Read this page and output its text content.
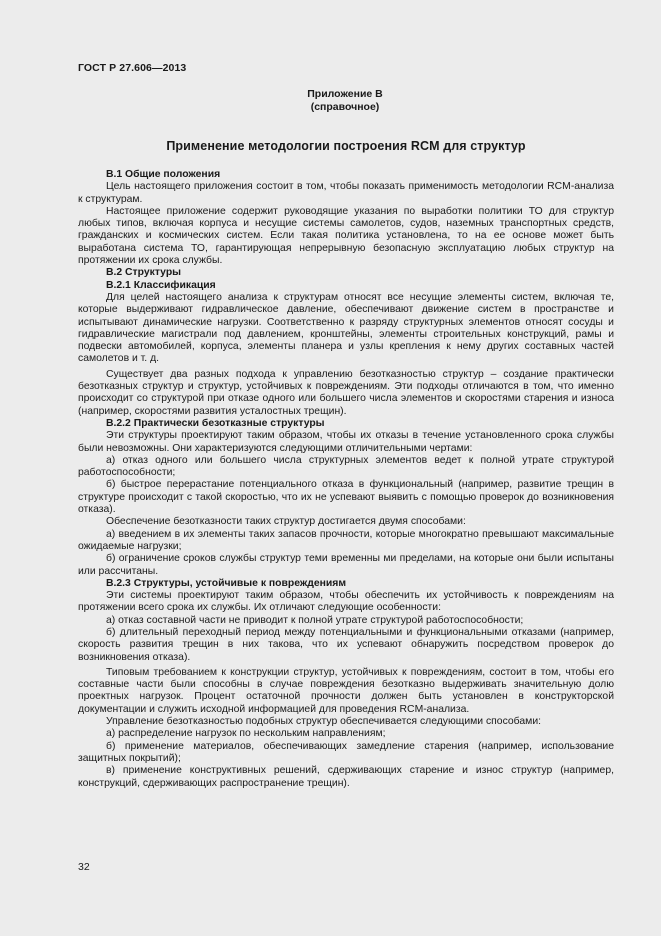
ГОСТ Р 27.606—2013
Приложение В
(справочное)
Применение методологии построения RCM для структур

В.1 Общие положения

Цель настоящего приложения состоит в том, чтобы показать применимость методологии RCM-анализа к структурам.

Настоящее приложение содержит руководящие указания по выработки политики ТО для структур любых типов, включая корпуса и несущие системы самолетов, судов, наземных транспортных средств, гражданских и космических систем. Если такая политика установлена, то на ее основе может быть выработана система ТО, гарантирующая непрерывную безопасную эксплуатацию любых структур на протяжении их срока службы.

В.2 Структуры

В.2.1 Классификация

Для целей настоящего анализа к структурам относят все несущие элементы систем, включая те, которые выдерживают гидравлическое давление, обеспечивают движение систем в пространстве и испытывают динамические нагрузки. Соответственно к разряду структурных элементов относят сосуды и гидравлические магистрали под давлением, кронштейны, элементы строительных конструкций, рамы и подвески автомобилей, корпуса, элементы планера и узлы крепления к нему других составных частей самолетов и т. д.

Существует два разных подхода к управлению безотказностью структур – создание практически безотказных структур и структур, устойчивых к повреждениям. Эти подходы отличаются в том, что именно происходит со структурой при отказе одного или большего числа элементов и скоростями старения и износа (например, скоростями развития усталостных трещин).

В.2.2 Практически безотказные структуры

Эти структуры проектируют таким образом, чтобы их отказы в течение установленного срока службы были невозможны. Они характеризуются следующими отличительными чертами:

а) отказ одного или большего числа структурных элементов ведет к полной утрате структурой работоспособности;

б) быстрое перерастание потенциального отказа в функциональный (например, развитие трещин в структуре происходит с такой скоростью, что их не успевают выявить с помощью проверок до возникновения отказа).

Обеспечение безотказности таких структур достигается двумя способами:

а) введением в их элементы таких запасов прочности, которые многократно превышают максимальные ожидаемые нагрузки;

б) ограничение сроков службы структур теми временны ми пределами, на которые они были испытаны или рассчитаны.

В.2.3 Структуры, устойчивые к повреждениям

Эти системы проектируют таким образом, чтобы обеспечить их устойчивость к повреждениям на протяжении всего срока их службы. Их отличают следующие особенности:

а) отказ составной части не приводит к полной утрате структурой работоспособности;

б) длительный переходный период между потенциальными и функциональными отказами (например, скорость развития трещин в них такова, что их успевают обнаружить посредством проверок до возникновения отказа).

Типовым требованием к конструкции структур, устойчивых к повреждениям, состоит в том, чтобы его составные части были способны в случае повреждения безотказно выдерживать значительную долю проектных нагрузок. Процент остаточной прочности должен быть установлен в конструкторской документации и служить исходной информацией для проведения RCM-анализа.

Управление безотказностью подобных структур обеспечивается следующими способами:

а) распределение нагрузок по нескольким направлениям;

б) применение материалов, обеспечивающих замедление старения (например, использование защитных покрытий);

в) применение конструктивных решений, сдерживающих старение и износ структур (например, конструкций, сдерживающих распространение трещин).

32
